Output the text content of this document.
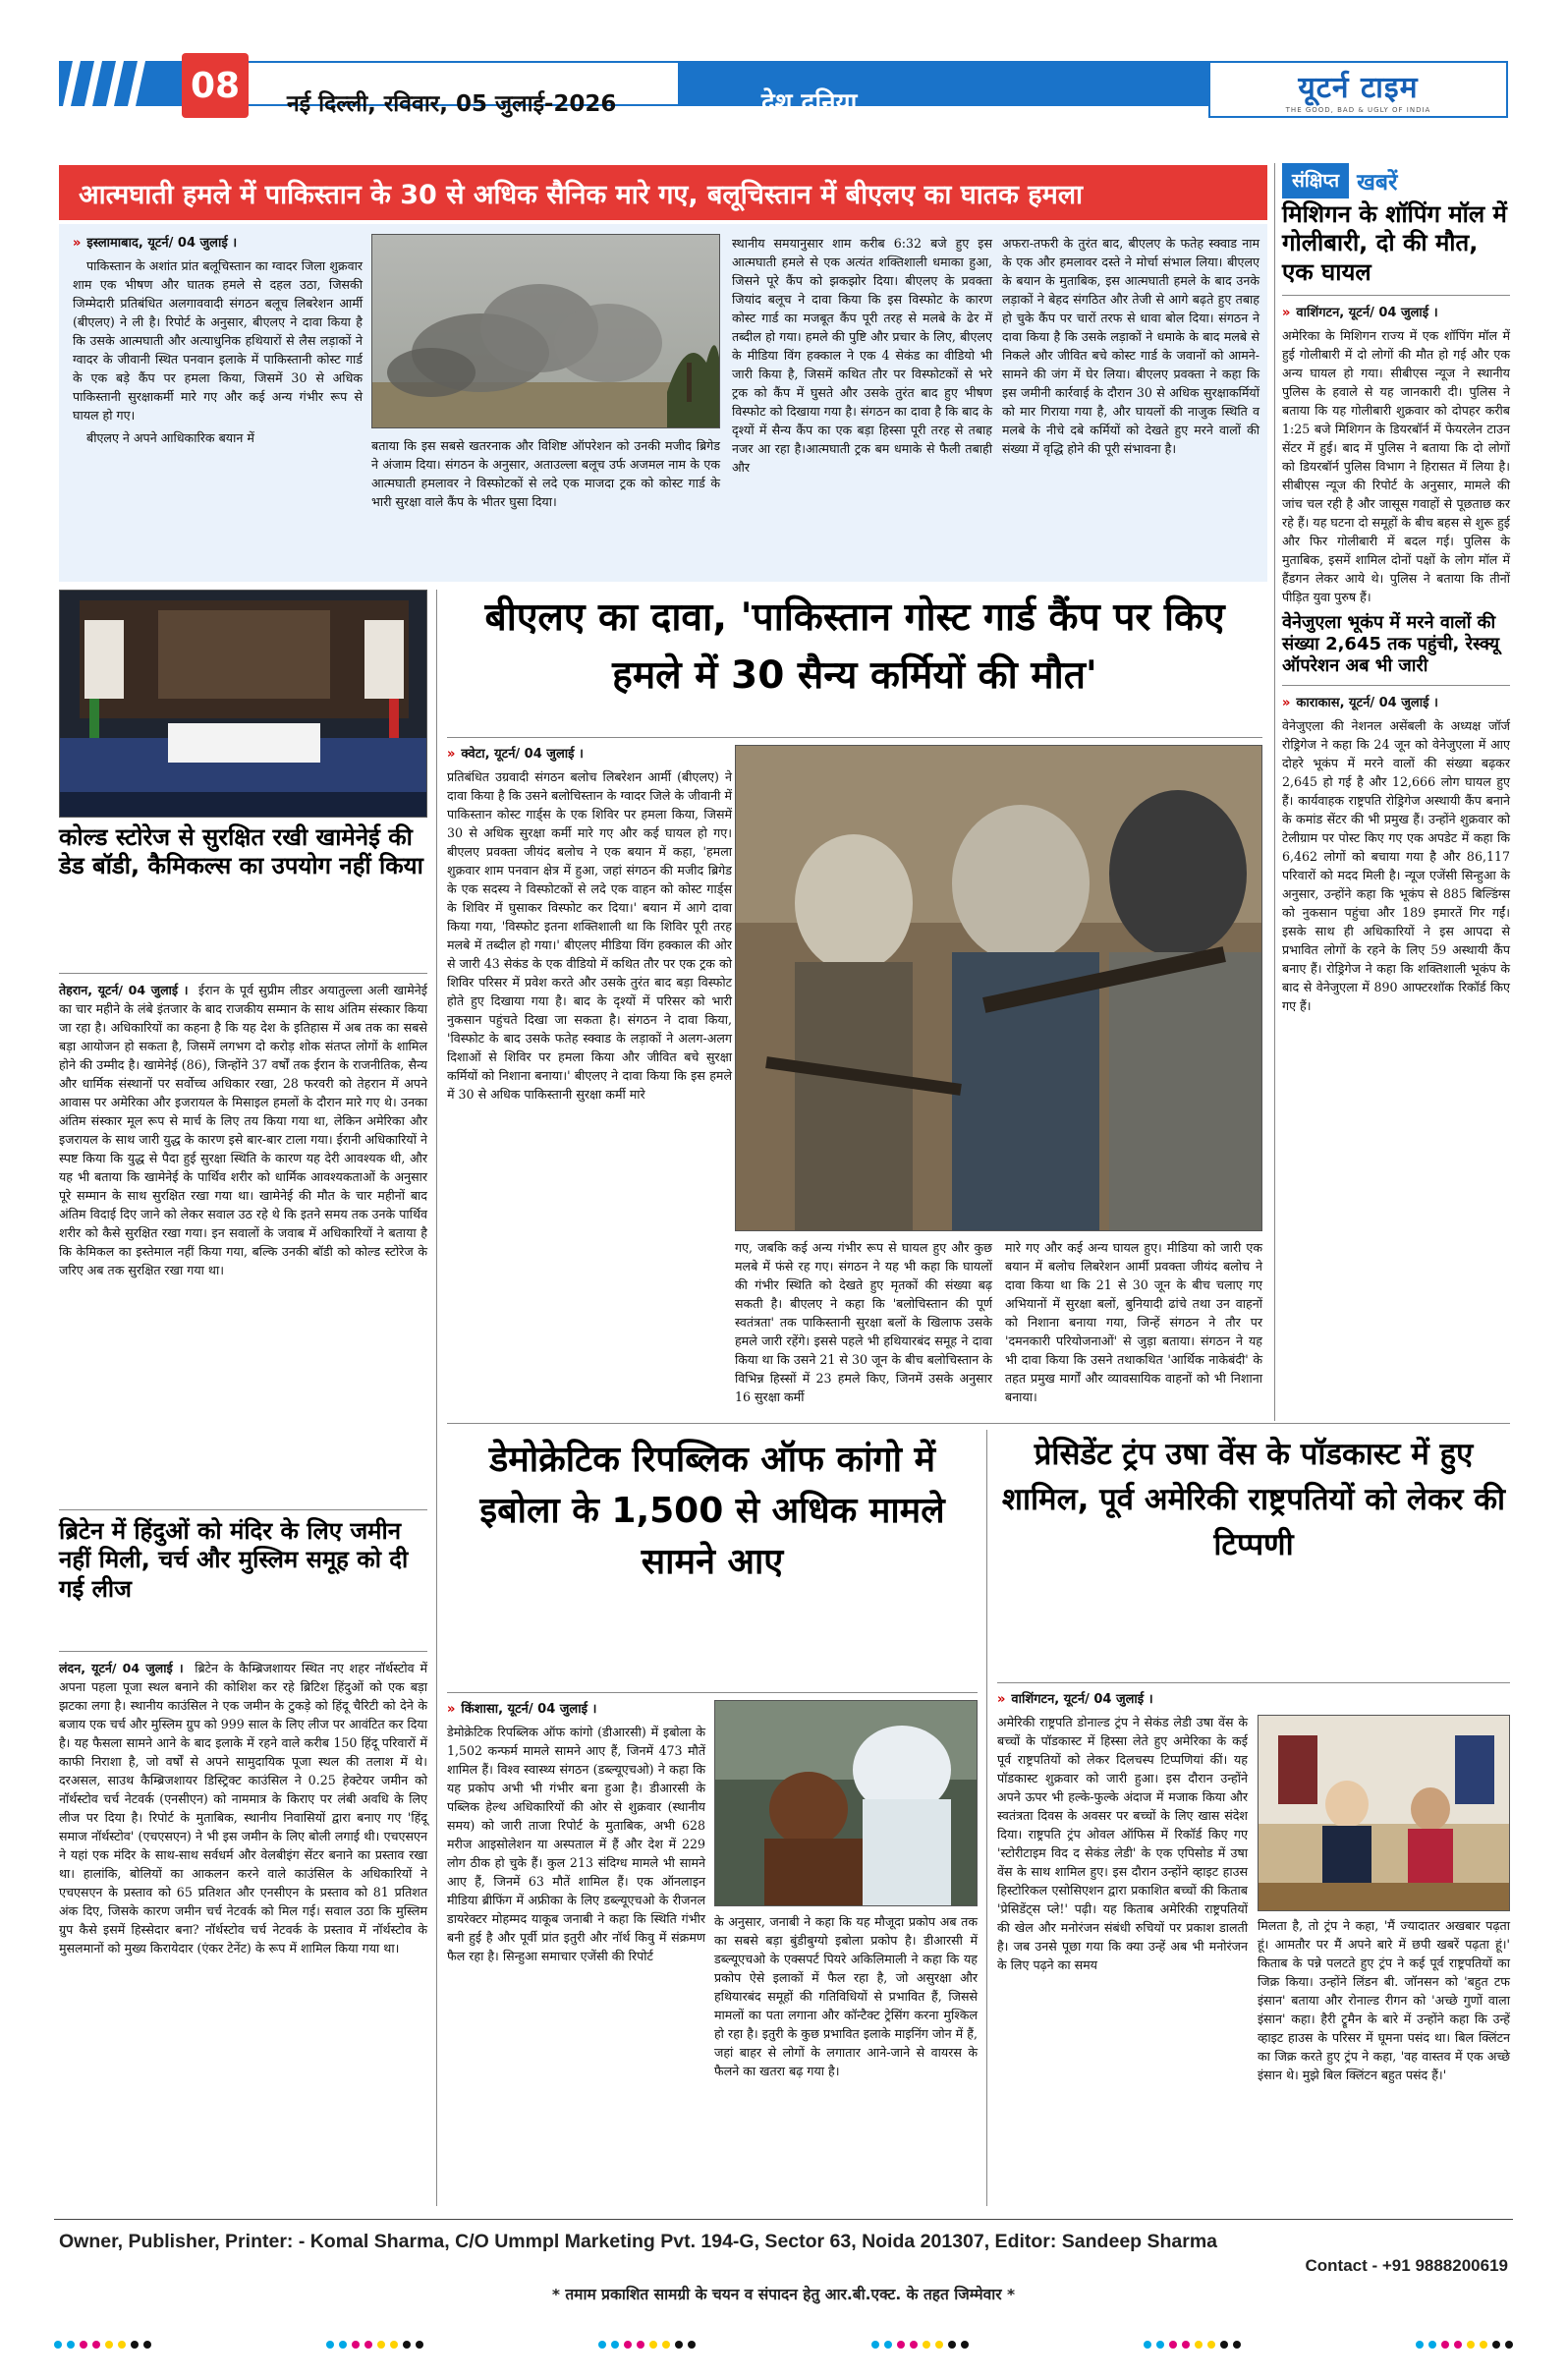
08	नई दिल्ली, रविवार, 05 जुलाई-2026	देश दुनिया	यूटर्न टाइम
THE GOOD, BAD & UGLY OF INDIA
आत्मघाती हमले में पाकिस्तान के 30 से अधिक सैनिक मारे गए, बलूचिस्तान में बीएलए का घातक हमला

» इस्लामाबाद, यूटर्न/ 04 जुलाई ।

पाकिस्तान के अशांत प्रांत बलूचिस्तान का ग्वादर जिला शुक्रवार शाम एक भीषण और घातक हमले से दहल उठा, जिसकी जिम्मेदारी प्रतिबंधित अलगाववादी संगठन बलूच लिबरेशन आर्मी (बीएलए) ने ली है। रिपोर्ट के अनुसार, बीएलए ने दावा किया है कि उसके आत्मघाती और अत्याधुनिक हथियारों से लैस लड़ाकों ने ग्वादर के जीवानी स्थित पनवान इलाके में पाकिस्तानी कोस्ट गार्ड के एक बड़े कैंप पर हमला किया, जिसमें 30 से अधिक पाकिस्तानी सुरक्षाकर्मी मारे गए और कई अन्य गंभीर रूप से घायल हो गए।

बीएलए ने अपने आधिकारिक बयान में

बताया कि इस सबसे खतरनाक और विशिष्ट ऑपरेशन को उनकी मजीद ब्रिगेड ने अंजाम दिया। संगठन के अनुसार, अताउल्ला बलूच उर्फ अजमल नाम के एक आत्मघाती हमलावर ने विस्फोटकों से लदे एक माजदा ट्रक को कोस्ट गार्ड के भारी सुरक्षा वाले कैंप के भीतर घुसा दिया।

स्थानीय समयानुसार शाम करीब 6:32 बजे हुए इस आत्मघाती हमले से एक अत्यंत शक्तिशाली धमाका हुआ, जिसने पूरे कैंप को झकझोर दिया। बीएलए के प्रवक्ता जियांद बलूच ने दावा किया कि इस विस्फोट के कारण कोस्ट गार्ड का मजबूत कैंप पूरी तरह से मलबे के ढेर में तब्दील हो गया। हमले की पुष्टि और प्रचार के लिए, बीएलए के मीडिया विंग हक्काल ने एक 4 सेकंड का वीडियो भी जारी किया है, जिसमें कथित तौर पर विस्फोटकों से भरे ट्रक को कैंप में घुसते और उसके तुरंत बाद हुए भीषण विस्फोट को दिखाया गया है। संगठन का दावा है कि बाद के दृश्यों में सैन्य कैंप का एक बड़ा हिस्सा पूरी तरह से तबाह नजर आ रहा है।आत्मघाती ट्रक बम धमाके से फैली तबाही और

अफरा-तफरी के तुरंत बाद, बीएलए के फतेह स्क्वाड नाम के एक और हमलावर दस्ते ने मोर्चा संभाल लिया। बीएलए के बयान के मुताबिक, इस आत्मघाती हमले के बाद उनके लड़ाकों ने बेहद संगठित और तेजी से आगे बढ़ते हुए तबाह हो चुके कैंप पर चारों तरफ से धावा बोल दिया। संगठन ने दावा किया है कि उसके लड़ाकों ने धमाके के बाद मलबे से निकले और जीवित बचे कोस्ट गार्ड के जवानों को आमने-सामने की जंग में घेर लिया। बीएलए प्रवक्ता ने कहा कि इस जमीनी कार्रवाई के दौरान 30 से अधिक सुरक्षाकर्मियों को मार गिराया गया है, और घायलों की नाजुक स्थिति व मलबे के नीचे दबे कर्मियों को देखते हुए मरने वालों की संख्या में वृद्धि होने की पूरी संभावना है।

संक्षिप्त खबरें
मिशिगन के शॉपिंग मॉल में गोलीबारी, दो की मौत, एक घायल

» वाशिंगटन, यूटर्न/ 04 जुलाई ।

अमेरिका के मिशिगन राज्य में एक शॉपिंग मॉल में हुई गोलीबारी में दो लोगों की मौत हो गई और एक अन्य घायल हो गया। सीबीएस न्यूज ने स्थानीय पुलिस के हवाले से यह जानकारी दी। पुलिस ने बताया कि यह गोलीबारी शुक्रवार को दोपहर करीब 1:25 बजे मिशिगन के डियरबॉर्न में फेयरलेन टाउन सेंटर में हुई। बाद में पुलिस ने बताया कि दो लोगों को डियरबॉर्न पुलिस विभाग ने हिरासत में लिया है। सीबीएस न्यूज की रिपोर्ट के अनुसार, मामले की जांच चल रही है और जासूस गवाहों से पूछताछ कर रहे हैं। यह घटना दो समूहों के बीच बहस से शुरू हुई और फिर गोलीबारी में बदल गई। पुलिस के मुताबिक, इसमें शामिल दोनों पक्षों के लोग मॉल में हैंडगन लेकर आये थे। पुलिस ने बताया कि तीनों पीड़ित युवा पुरुष हैं।

वेनेजुएला भूकंप में मरने वालों की संख्या 2,645 तक पहुंची, रेस्क्यू ऑपरेशन अब भी जारी

» काराकास, यूटर्न/ 04 जुलाई ।

वेनेजुएला की नेशनल असेंबली के अध्यक्ष जॉर्ज रोड्रिगेज ने कहा कि 24 जून को वेनेजुएला में आए दोहरे भूकंप में मरने वालों की संख्या बढ़कर 2,645 हो गई है और 12,666 लोग घायल हुए हैं। कार्यवाहक राष्ट्रपति रोड्रिगेज अस्थायी कैंप बनाने के कमांड सेंटर की भी प्रमुख हैं। उन्होंने शुक्रवार को टेलीग्राम पर पोस्ट किए गए एक अपडेट में कहा कि 6,462 लोगों को बचाया गया है और 86,117 परिवारों को मदद मिली है। न्यूज एजेंसी सिन्हुआ के अनुसार, उन्होंने कहा कि भूकंप से 885 बिल्डिंग्स को नुकसान पहुंचा और 189 इमारतें गिर गईं। इसके साथ ही अधिकारियों ने इस आपदा से प्रभावित लोगों के रहने के लिए 59 अस्थायी कैंप बनाए हैं। रोड्रिगेज ने कहा कि शक्तिशाली भूकंप के बाद से वेनेजुएला में 890 आफ्टरशॉक रिकॉर्ड किए गए हैं।

कोल्ड स्टोरेज से सुरक्षित रखी खामेनेई की डेड बॉडी, कैमिकल्स का उपयोग नहीं किया

तेहरान, यूटर्न/ 04 जुलाई । ईरान के पूर्व सुप्रीम लीडर अयातुल्ला अली खामेनेई का चार महीने के लंबे इंतजार के बाद राजकीय सम्मान के साथ अंतिम संस्कार किया जा रहा है। अधिकारियों का कहना है कि यह देश के इतिहास में अब तक का सबसे बड़ा आयोजन हो सकता है, जिसमें लगभग दो करोड़ शोक संतप्त लोगों के शामिल होने की उम्मीद है। खामेनेई (86), जिन्होंने 37 वर्षों तक ईरान के राजनीतिक, सैन्य और धार्मिक संस्थानों पर सर्वोच्च अधिकार रखा, 28 फरवरी को तेहरान में अपने आवास पर अमेरिका और इजरायल के मिसाइल हमलों के दौरान मारे गए थे। उनका अंतिम संस्कार मूल रूप से मार्च के लिए तय किया गया था, लेकिन अमेरिका और इजरायल के साथ जारी युद्ध के कारण इसे बार-बार टाला गया। ईरानी अधिकारियों ने स्पष्ट किया कि युद्ध से पैदा हुई सुरक्षा स्थिति के कारण यह देरी आवश्यक थी, और यह भी बताया कि खामेनेई के पार्थिव शरीर को धार्मिक आवश्यकताओं के अनुसार पूरे सम्मान के साथ सुरक्षित रखा गया था। खामेनेई की मौत के चार महीनों बाद अंतिम विदाई दिए जाने को लेकर सवाल उठ रहे थे कि इतने समय तक उनके पार्थिव शरीर को कैसे सुरक्षित रखा गया। इन सवालों के जवाब में अधिकारियों ने बताया है कि केमिकल का इस्तेमाल नहीं किया गया, बल्कि उनकी बॉडी को कोल्ड स्टोरेज के जरिए अब तक सुरक्षित रखा गया था।

ब्रिटेन में हिंदुओं को मंदिर के लिए जमीन नहीं मिली, चर्च और मुस्लिम समूह को दी गई लीज

लंदन, यूटर्न/ 04 जुलाई । ब्रिटेन के कैम्ब्रिजशायर स्थित नए शहर नॉर्थस्टोव में अपना पहला पूजा स्थल बनाने की कोशिश कर रहे ब्रिटिश हिंदुओं को एक बड़ा झटका लगा है। स्थानीय काउंसिल ने एक जमीन के टुकड़े को हिंदू चैरिटी को देने के बजाय एक चर्च और मुस्लिम ग्रुप को 999 साल के लिए लीज पर आवंटित कर दिया है। यह फैसला सामने आने के बाद इलाके में रहने वाले करीब 150 हिंदू परिवारों में काफी निराशा है, जो वर्षों से अपने सामुदायिक पूजा स्थल की तलाश में थे। दरअसल, साउथ कैम्ब्रिजशायर डिस्ट्रिक्ट काउंसिल ने 0.25 हेक्टेयर जमीन को नॉर्थस्टोव चर्च नेटवर्क (एनसीएन) को नाममात्र के किराए पर लंबी अवधि के लिए लीज पर दिया है। रिपोर्ट के मुताबिक, स्थानीय निवासियों द्वारा बनाए गए 'हिंदू समाज नॉर्थस्टोव' (एचएसएन) ने भी इस जमीन के लिए बोली लगाई थी। एचएसएन ने यहां एक मंदिर के साथ-साथ सर्वधर्म और वेलबीइंग सेंटर बनाने का प्रस्ताव रखा था। हालांकि, बोलियों का आकलन करने वाले काउंसिल के अधिकारियों ने एचएसएन के प्रस्ताव को 65 प्रतिशत और एनसीएन के प्रस्ताव को 81 प्रतिशत अंक दिए, जिसके कारण जमीन चर्च नेटवर्क को मिल गई। सवाल उठा कि मुस्लिम ग्रुप कैसे इसमें हिस्सेदार बना? नॉर्थस्टोव चर्च नेटवर्क के प्रस्ताव में नॉर्थस्टोव के मुसलमानों को मुख्य किरायेदार (एंकर टेनेंट) के रूप में शामिल किया गया था।

बीएलए का दावा, 'पाकिस्तान गोस्ट गार्ड कैंप पर किए हमले में 30 सैन्य कर्मियों की मौत'

» क्वेटा, यूटर्न/ 04 जुलाई ।

प्रतिबंधित उग्रवादी संगठन बलोच लिबरेशन आर्मी (बीएलए) ने दावा किया है कि उसने बलोचिस्तान के ग्वादर जिले के जीवानी में पाकिस्तान कोस्ट गार्ड्स के एक शिविर पर हमला किया, जिसमें 30 से अधिक सुरक्षा कर्मी मारे गए और कई घायल हो गए। बीएलए प्रवक्ता जीयंद बलोच ने एक बयान में कहा, 'हमला शुक्रवार शाम पनवान क्षेत्र में हुआ, जहां संगठन की मजीद ब्रिगेड के एक सदस्य ने विस्फोटकों से लदे एक वाहन को कोस्ट गार्ड्स के शिविर में घुसाकर विस्फोट कर दिया।' बयान में आगे दावा किया गया, 'विस्फोट इतना शक्तिशाली था कि शिविर पूरी तरह मलबे में तब्दील हो गया।' बीएलए मीडिया विंग हक्काल की ओर से जारी 43 सेकंड के एक वीडियो में कथित तौर पर एक ट्रक को शिविर परिसर में प्रवेश करते और उसके तुरंत बाद बड़ा विस्फोट होते हुए दिखाया गया है। बाद के दृश्यों में परिसर को भारी नुकसान पहुंचते दिखा जा सकता है। संगठन ने दावा किया, 'विस्फोट के बाद उसके फतेह स्क्वाड के लड़ाकों ने अलग-अलग दिशाओं से शिविर पर हमला किया और जीवित बचे सुरक्षा कर्मियों को निशाना बनाया।' बीएलए ने दावा किया कि इस हमले में 30 से अधिक पाकिस्तानी सुरक्षा कर्मी मारे

गए, जबकि कई अन्य गंभीर रूप से घायल हुए और कुछ मलबे में फंसे रह गए। संगठन ने यह भी कहा कि घायलों की गंभीर स्थिति को देखते हुए मृतकों की संख्या बढ़ सकती है। बीएलए ने कहा कि 'बलोचिस्तान की पूर्ण स्वतंत्रता' तक पाकिस्तानी सुरक्षा बलों के खिलाफ उसके हमले जारी रहेंगे। इससे पहले भी हथियारबंद समूह ने दावा किया था कि उसने 21 से 30 जून के बीच बलोचिस्तान के विभिन्न हिस्सों में 23 हमले किए, जिनमें उसके अनुसार 16 सुरक्षा कर्मी

मारे गए और कई अन्य घायल हुए। मीडिया को जारी एक बयान में बलोच लिबरेशन आर्मी प्रवक्ता जीयंद बलोच ने दावा किया था कि 21 से 30 जून के बीच चलाए गए अभियानों में सुरक्षा बलों, बुनियादी ढांचे तथा उन वाहनों को निशाना बनाया गया, जिन्हें संगठन ने तौर पर 'दमनकारी परियोजनाओं' से जुड़ा बताया। संगठन ने यह भी दावा किया कि उसने तथाकथित 'आर्थिक नाकेबंदी' के तहत प्रमुख मार्गों और व्यावसायिक वाहनों को भी निशाना बनाया।

डेमोक्रेटिक रिपब्लिक ऑफ कांगो में इबोला के 1,500 से अधिक मामले सामने आए

» किंशासा, यूटर्न/ 04 जुलाई ।

डेमोक्रेटिक रिपब्लिक ऑफ कांगो (डीआरसी) में इबोला के 1,502 कन्फर्म मामले सामने आए हैं, जिनमें 473 मौतें शामिल हैं। विश्व स्वास्थ्य संगठन (डब्ल्यूएचओ) ने कहा कि यह प्रकोप अभी भी गंभीर बना हुआ है। डीआरसी के पब्लिक हेल्थ अधिकारियों की ओर से शुक्रवार (स्थानीय समय) को जारी ताजा रिपोर्ट के मुताबिक, अभी 628 मरीज आइसोलेशन या अस्पताल में हैं और देश में 229 लोग ठीक हो चुके हैं। कुल 213 संदिग्ध मामले भी सामने आए हैं, जिनमें 63 मौतें शामिल हैं। एक ऑनलाइन मीडिया ब्रीफिंग में अफ्रीका के लिए डब्ल्यूएचओ के रीजनल डायरेक्टर मोहम्मद याकूब जनाबी ने कहा कि स्थिति गंभीर बनी हुई है और पूर्वी प्रांत इतुरी और नॉर्थ किवु में संक्रमण फैल रहा है। सिन्हुआ समाचार एजेंसी की रिपोर्ट

के अनुसार, जनाबी ने कहा कि यह मौजूदा प्रकोप अब तक का सबसे बड़ा बुंडीबुग्यो इबोला प्रकोप है। डीआरसी में डब्ल्यूएचओ के एक्सपर्ट पियरे अकिलिमाली ने कहा कि यह प्रकोप ऐसे इलाकों में फैल रहा है, जो असुरक्षा और हथियारबंद समूहों की गतिविधियों से प्रभावित हैं, जिससे मामलों का पता लगाना और कॉन्टैक्ट ट्रेसिंग करना मुश्किल हो रहा है। इतुरी के कुछ प्रभावित इलाके माइनिंग जोन में हैं, जहां बाहर से लोगों के लगातार आने-जाने से वायरस के फैलने का खतरा बढ़ गया है।

प्रेसिडेंट ट्रंप उषा वेंस के पॉडकास्ट में हुए शामिल, पूर्व अमेरिकी राष्ट्रपतियों को लेकर की टिप्पणी

» वाशिंगटन, यूटर्न/ 04 जुलाई ।

अमेरिकी राष्ट्रपति डोनाल्ड ट्रंप ने सेकंड लेडी उषा वेंस के बच्चों के पॉडकास्ट में हिस्सा लेते हुए अमेरिका के कई पूर्व राष्ट्रपतियों को लेकर दिलचस्प टिप्पणियां कीं। यह पॉडकास्ट शुक्रवार को जारी हुआ। इस दौरान उन्होंने अपने ऊपर भी हल्के-फुल्के अंदाज में मजाक किया और स्वतंत्रता दिवस के अवसर पर बच्चों के लिए खास संदेश दिया। राष्ट्रपति ट्रंप ओवल ऑफिस में रिकॉर्ड किए गए 'स्टोरीटाइम विद द सेकंड लेडी' के एक एपिसोड में उषा वेंस के साथ शामिल हुए। इस दौरान उन्होंने व्हाइट हाउस हिस्टोरिकल एसोसिएशन द्वारा प्रकाशित बच्चों की किताब 'प्रेसिडेंट्स प्ले!' पढ़ी। यह किताब अमेरिकी राष्ट्रपतियों की खेल और मनोरंजन संबंधी रुचियों पर प्रकाश डालती है। जब उनसे पूछा गया कि क्या उन्हें अब भी मनोरंजन के लिए पढ़ने का समय

मिलता है, तो ट्रंप ने कहा, 'मैं ज्यादातर अखबार पढ़ता हूं। आमतौर पर मैं अपने बारे में छपी खबरें पढ़ता हूं।' किताब के पन्ने पलटते हुए ट्रंप ने कई पूर्व राष्ट्रपतियों का जिक्र किया। उन्होंने लिंडन बी. जॉनसन को 'बहुत टफ इंसान' बताया और रोनाल्ड रीगन को 'अच्छे गुणों वाला इंसान' कहा। हैरी ट्रूमैन के बारे में उन्होंने कहा कि उन्हें व्हाइट हाउस के परिसर में घूमना पसंद था। बिल क्लिंटन का जिक्र करते हुए ट्रंप ने कहा, 'वह वास्तव में एक अच्छे इंसान थे। मुझे बिल क्लिंटन बहुत पसंद हैं।'

Owner, Publisher, Printer: - Komal Sharma, C/O Ummpl Marketing Pvt. 194-G, Sector 63, Noida 201307, Editor: Sandeep Sharma
Contact - +91 9888200619
* तमाम प्रकाशित सामग्री के चयन व संपादन हेतु आर.बी.एक्ट. के तहत जिम्मेवार *
